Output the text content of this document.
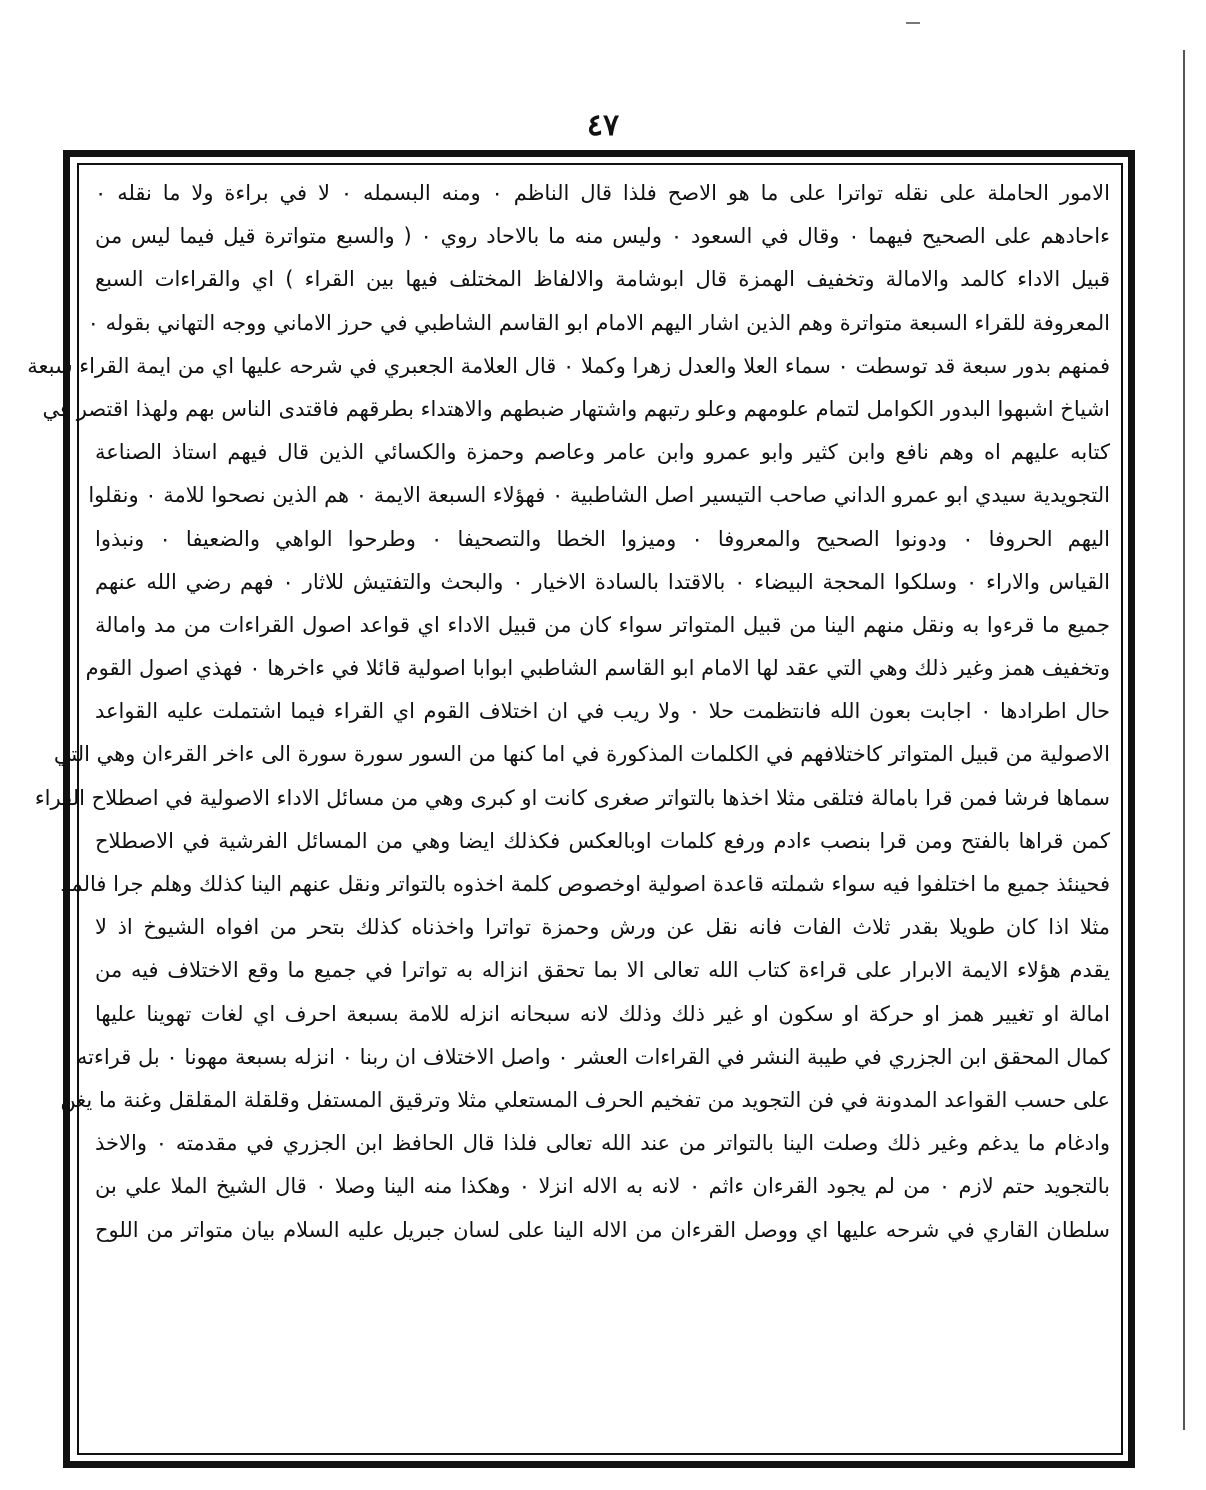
٤٧
الامور الحاملة على نقله تواترا على ما هو الاصح فلذا قال الناظم ٠ ومنه البسمله ٠ لا في براءة ولا ما نقله ٠
ءاحادهم على الصحيح فيهما ٠ وقال في السعود ٠ وليس منه ما بالاحاد روي ٠ ( والسبع متواترة قيل فيما ليس من
قبيل الاداء كالمد والامالة وتخفيف الهمزة قال ابوشامة والالفاظ المختلف فيها بين القراء ) اي والقراءات السبع
المعروفة للقراء السبعة متواترة وهم الذين اشار اليهم الامام ابو القاسم الشاطبي في حرز الاماني ووجه التهاني بقوله ٠
فمنهم بدور سبعة قد توسطت ٠ سماء العلا والعدل زهرا وكملا ٠ قال العلامة الجعبري في شرحه عليها اي من ايمة القراء سبعة
اشياخ اشبهوا البدور الكوامل لتمام علومهم وعلو رتبهم واشتهار ضبطهم والاهتداء بطرقهم فاقتدى الناس بهم ولهذا اقتصر في
كتابه عليهم اه وهم نافع وابن كثير وابو عمرو وابن عامر وعاصم وحمزة والكسائي الذين قال فيهم استاذ الصناعة
التجويدية سيدي ابو عمرو الداني صاحب التيسير اصل الشاطبية ٠ فهؤلاء السبعة الايمة ٠ هم الذين نصحوا للامة ٠ ونقلوا
اليهم الحروفا ٠ ودونوا الصحيح والمعروفا ٠ وميزوا الخطا والتصحيفا ٠ وطرحوا الواهي والضعيفا ٠ ونبذوا
القياس والاراء ٠ وسلكوا المحجة البيضاء ٠ بالاقتدا بالسادة الاخيار ٠ والبحث والتفتيش للاثار ٠ فهم رضي الله عنهم
جميع ما قرءوا به ونقل منهم الينا من قبيل المتواتر سواء كان من قبيل الاداء اي قواعد اصول القراءات من مد وامالة
وتخفيف همز وغير ذلك وهي التي عقد لها الامام ابو القاسم الشاطبي ابوابا اصولية قائلا في ءاخرها ٠ فهذي اصول القوم
حال اطرادها ٠ اجابت بعون الله فانتظمت حلا ٠ ولا ريب في ان اختلاف القوم اي القراء فيما اشتملت عليه القواعد
الاصولية من قبيل المتواتر كاختلافهم في الكلمات المذكورة في اما كنها من السور سورة سورة الى ءاخر القرءان وهي التي
سماها فرشا فمن قرا بامالة فتلقى مثلا اخذها بالتواتر صغرى كانت او كبرى وهي من مسائل الاداء الاصولية في اصطلاح القراء
كمن قراها بالفتح ومن قرا بنصب ءادم ورفع كلمات اوبالعكس فكذلك ايضا وهي من المسائل الفرشية في الاصطلاح
فحينئذ جميع ما اختلفوا فيه سواء شملته قاعدة اصولية اوخصوص كلمة اخذوه بالتواتر ونقل عنهم الينا كذلك وهلم جرا فالمد
مثلا اذا كان طويلا بقدر ثلاث الفات فانه نقل عن ورش وحمزة تواترا واخذناه كذلك بتحر من افواه الشيوخ اذ لا
يقدم هؤلاء الايمة الابرار على قراءة كتاب الله تعالى الا بما تحقق انزاله به تواترا في جميع ما وقع الاختلاف فيه من
امالة او تغيير همز او حركة او سكون او غير ذلك وذلك لانه سبحانه انزله للامة بسبعة احرف اي لغات تهوينا عليها
كمال المحقق ابن الجزري في طيبة النشر في القراءات العشر ٠ واصل الاختلاف ان ربنا ٠ انزله بسبعة مهونا ٠ بل قراءته
على حسب القواعد المدونة في فن التجويد من تفخيم الحرف المستعلي مثلا وترقيق المستفل وقلقلة المقلقل وغنة ما يغن
وادغام ما يدغم وغير ذلك وصلت الينا بالتواتر من عند الله تعالى فلذا قال الحافظ ابن الجزري في مقدمته ٠ والاخذ
بالتجويد حتم لازم ٠ من لم يجود القرءان ءاثم ٠ لانه به الاله انزلا ٠ وهكذا منه الينا وصلا ٠ قال الشيخ الملا علي بن
سلطان القاري في شرحه عليها اي ووصل القرءان من الاله الينا على لسان جبريل عليه السلام بيان متواتر من اللوح
